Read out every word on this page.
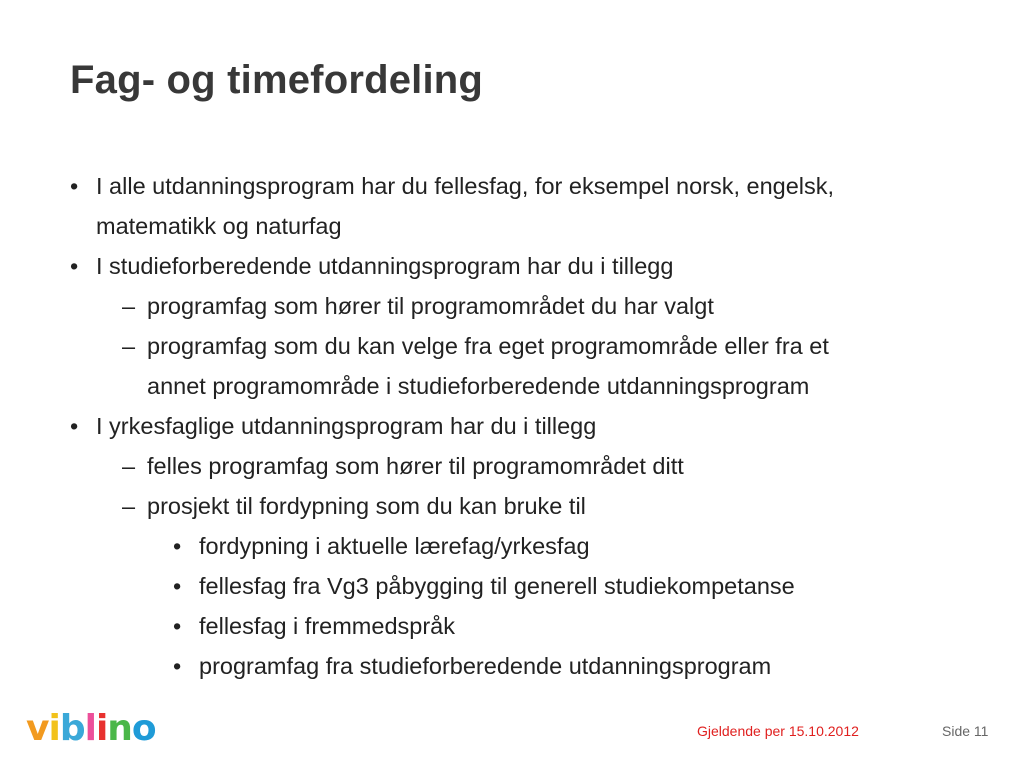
Fag- og timefordeling
• I alle utdanningsprogram har du fellesfag, for eksempel norsk, engelsk,
matematikk og naturfag
• I studieforberedende utdanningsprogram har du i tillegg
– programfag som hører til programområdet du har valgt
– programfag som du kan velge fra eget programområde eller fra et
annet programområde i studieforberedende utdanningsprogram
• I yrkesfaglige utdanningsprogram har du i tillegg
– felles programfag som hører til programområdet ditt
– prosjekt til fordypning som du kan bruke til
• fordypning i aktuelle lærefag/yrkesfag
• fellesfag fra Vg3 påbygging til generell studiekompetanse
• fellesfag i fremmedspråk
• programfag fra studieforberedende utdanningsprogram
v i b l i n o	Gjeldende per 15.10.2012	Side 11
